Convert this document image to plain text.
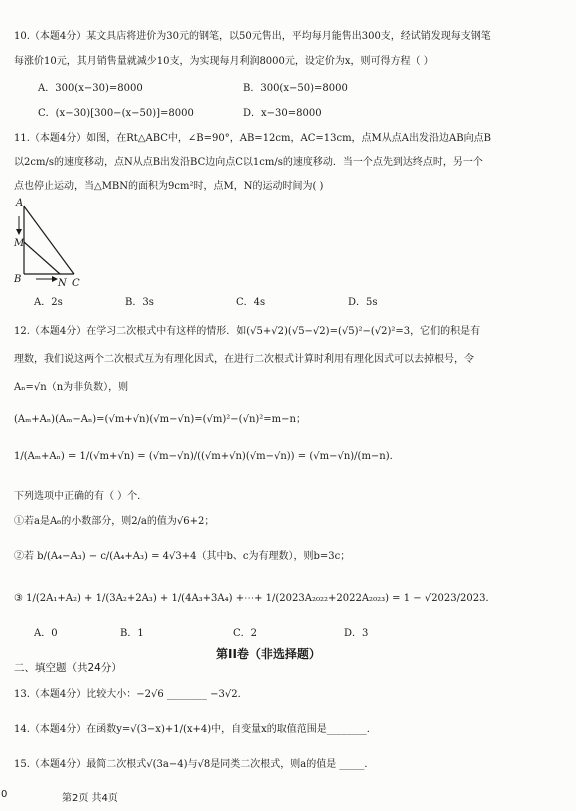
10.（本题4分）某文具店将进价为30元的钢笔，以50元售出，平均每月能售出300支，经试销发现每支钢笔
每涨价10元，其月销售量就减少10支，为实现每月利润8000元，设定价为x，则可得方程（ ）
A．300(x−30)=8000	B．300(x−50)=8000
C．(x−30)[300−(x−50)]=8000	D．x−30=8000
11.（本题4分）如图，在Rt△ABC中，∠B=90°，AB=12cm，AC=13cm，点M从点A出发沿边AB向点B
以2cm/s的速度移动，点N从点B出发沿BC边向点C以1cm/s的速度移动．当一个点先到达终点时，另一个
点也停止运动，当△MBN的面积为9cm²时，点M，N的运动时间为( )
A
M
B	N C
A．2s	B．3s	C．4s	D．5s
12.（本题4分）在学习二次根式中有这样的情形．如(√5+√2)(√5−√2)=(√5)²−(√2)²=3，它们的积是有
理数，我们说这两个二次根式互为有理化因式，在进行二次根式计算时利用有理化因式可以去掉根号，令
Aₙ=√n（n为非负数），则
(Aₘ+Aₙ)(Aₘ−Aₙ)=(√m+√n)(√m−√n)=(√m)²−(√n)²=m−n；
1/(Aₘ+Aₙ) = 1/(√m+√n) = (√m−√n)/((√m+√n)(√m−√n)) = (√m−√n)/(m−n)．
下列选项中正确的有（ ）个．
①若a是A₆的小数部分，则2/a的值为√6+2；
②若 b/(A₄−A₃) − c/(A₄+A₃) = 4√3+4（其中b、c为有理数），则b=3c；
③ 1/(2A₁+A₂) + 1/(3A₂+2A₃) + 1/(4A₃+3A₄) +⋯+ 1/(2023A₂₀₂₂+2022A₂₀₂₃) = 1 − √2023/2023．
A．0	B．1	C．2	D．3
第II卷（非选择题）
二、填空题（共24分）
13.（本题4分）比较大小：−2√6 ________ −3√2．
14.（本题4分）在函数y=√(3−x)+1/(x+4)中，自变量x的取值范围是________．
15.（本题4分）最简二次根式√(3a−4)与√8是同类二次根式，则a的值是 _____．
第2页 共4页
0
